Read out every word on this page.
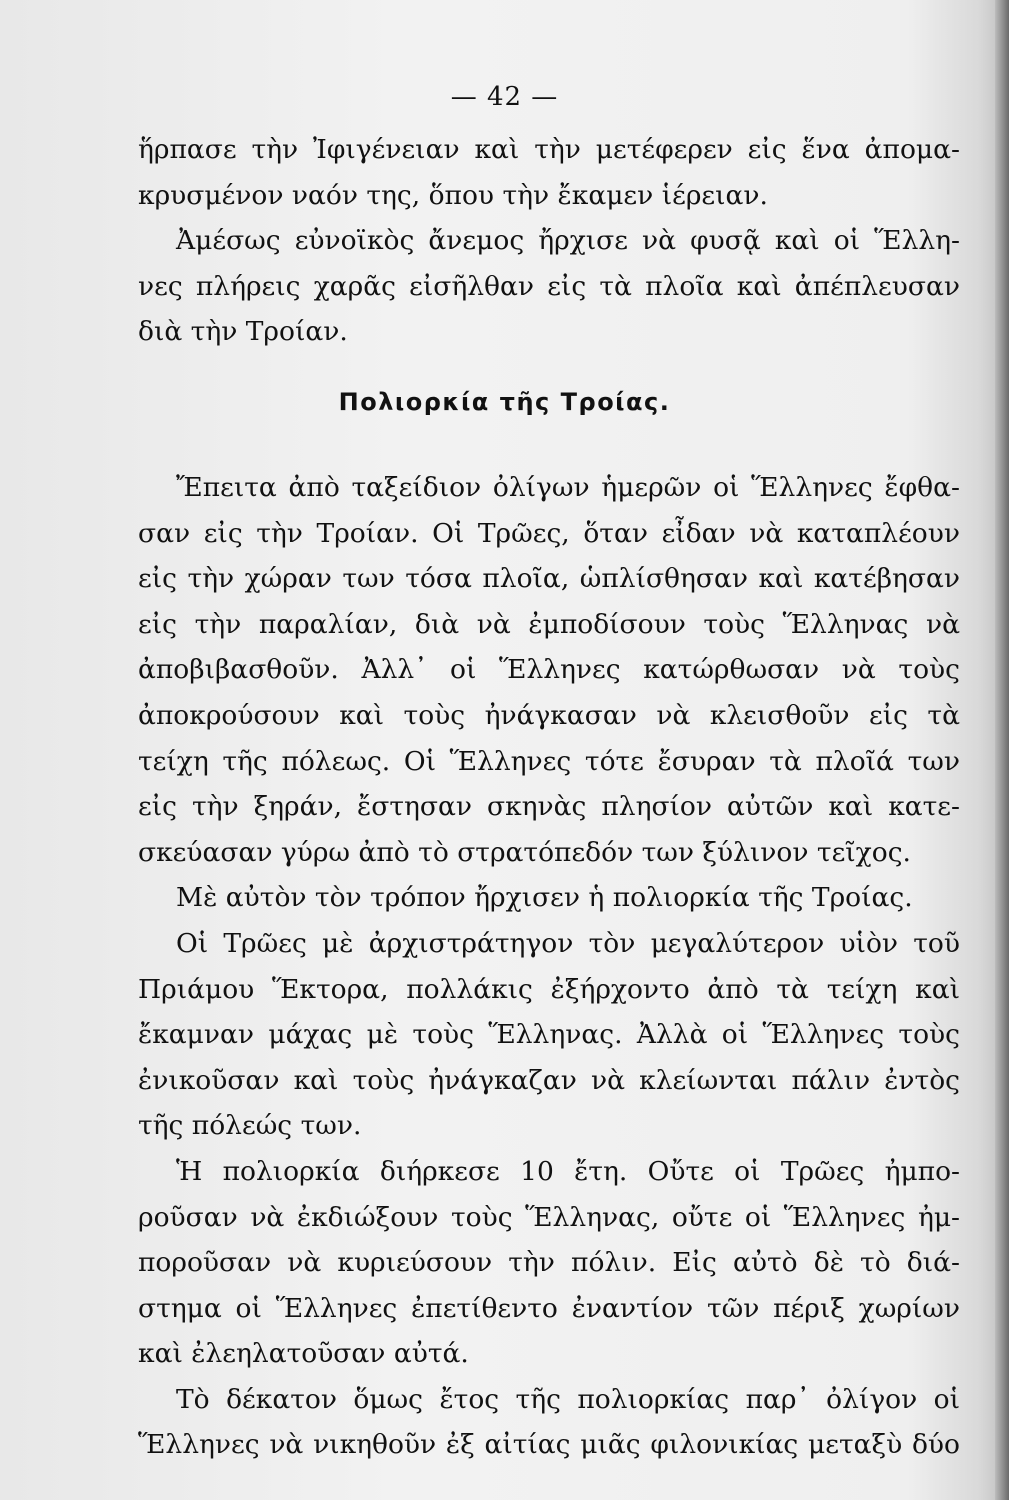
— 42 —
ἥρπασε τὴν Ἰφιγένειαν καὶ τὴν μετέφερεν εἰς ἕνα ἀπομα-
κρυσμένον ναόν της, ὅπου τὴν ἔκαμεν ἱέρειαν.
Ἀμέσως εὐνοϊκὸς ἄνεμος ἤρχισε νὰ φυσᾷ καὶ οἱ Ἕλλη-
νες πλήρεις χαρᾶς εἰσῆλθαν εἰς τὰ πλοῖα καὶ ἀπέπλευσαν
διὰ τὴν Τροίαν.
Πολιορκία τῆς Τροίας.
Ἔπειτα ἀπὸ ταξείδιον ὀλίγων ἡμερῶν οἱ Ἕλληνες ἔφθα-
σαν εἰς τὴν Τροίαν. Οἱ Τρῶες, ὅταν εἶδαν νὰ καταπλέουν
εἰς τὴν χώραν των τόσα πλοῖα, ὡπλίσθησαν καὶ κατέβησαν
εἰς τὴν παραλίαν, διὰ νὰ ἐμποδίσουν τοὺς Ἕλληνας νὰ
ἀποβιβασθοῦν. Ἀλλ᾽ οἱ Ἕλληνες κατώρθωσαν νὰ τοὺς
ἀποκρούσουν καὶ τοὺς ἠνάγκασαν νὰ κλεισθοῦν εἰς τὰ
τείχη τῆς πόλεως. Οἱ Ἕλληνες τότε ἔσυραν τὰ πλοῖά των
εἰς τὴν ξηράν, ἔστησαν σκηνὰς πλησίον αὐτῶν καὶ κατε-
σκεύασαν γύρω ἀπὸ τὸ στρατόπεδόν των ξύλινον τεῖχος.
Μὲ αὐτὸν τὸν τρόπον ἤρχισεν ἡ πολιορκία τῆς Τροίας.
Οἱ Τρῶες μὲ ἀρχιστράτηγον τὸν μεγαλύτερον υἱὸν τοῦ
Πριάμου Ἕκτορα, πολλάκις ἐξήρχοντο ἀπὸ τὰ τείχη καὶ
ἔκαμναν μάχας μὲ τοὺς Ἕλληνας. Ἀλλὰ οἱ Ἕλληνες τοὺς
ἐνικοῦσαν καὶ τοὺς ἠνάγκαζαν νὰ κλείωνται πάλιν ἐντὸς
τῆς πόλεώς των.
Ἡ πολιορκία διήρκεσε 10 ἔτη. Οὔτε οἱ Τρῶες ἠμπο-
ροῦσαν νὰ ἐκδιώξουν τοὺς Ἕλληνας, οὔτε οἱ Ἕλληνες ἠμ-
ποροῦσαν νὰ κυριεύσουν τὴν πόλιν. Εἰς αὐτὸ δὲ τὸ διά-
στημα οἱ Ἕλληνες ἐπετίθεντο ἐναντίον τῶν πέριξ χωρίων
καὶ ἐλεηλατοῦσαν αὐτά.
Τὸ δέκατον ὅμως ἔτος τῆς πολιορκίας παρ᾽ ὀλίγον οἱ
Ἕλληνες νὰ νικηθοῦν ἐξ αἰτίας μιᾶς φιλονικίας μεταξὺ δύο
